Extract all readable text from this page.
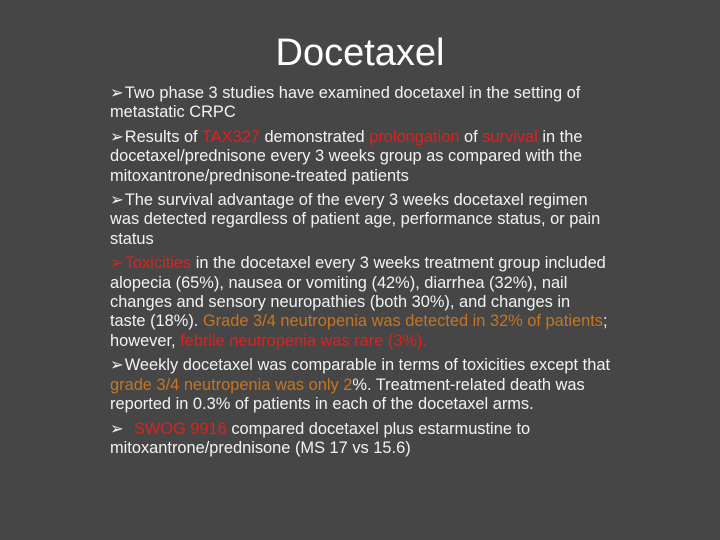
Docetaxel
➢Two phase 3 studies have examined docetaxel in the setting of metastatic CRPC
➢Results of TAX327 demonstrated prolongation of survival in the docetaxel/prednisone every 3 weeks group as compared with the mitoxantrone/prednisone-treated patients
➢The survival advantage of the every 3 weeks docetaxel regimen was detected regardless of patient age, performance status, or pain status
➢Toxicities in the docetaxel every 3 weeks treatment group included alopecia (65%), nausea or vomiting (42%), diarrhea (32%), nail changes and sensory neuropathies (both 30%), and changes in taste (18%). Grade 3/4 neutropenia was detected in 32% of patients; however, febrile neutropenia was rare (3%).
➢Weekly docetaxel was comparable in terms of toxicities except that grade 3/4 neutropenia was only 2%. Treatment-related death was reported in 0.3% of patients in each of the docetaxel arms.
➢ SWOG 9916 compared docetaxel plus estarmustine to mitoxantrone/prednisone (MS 17 vs 15.6)
